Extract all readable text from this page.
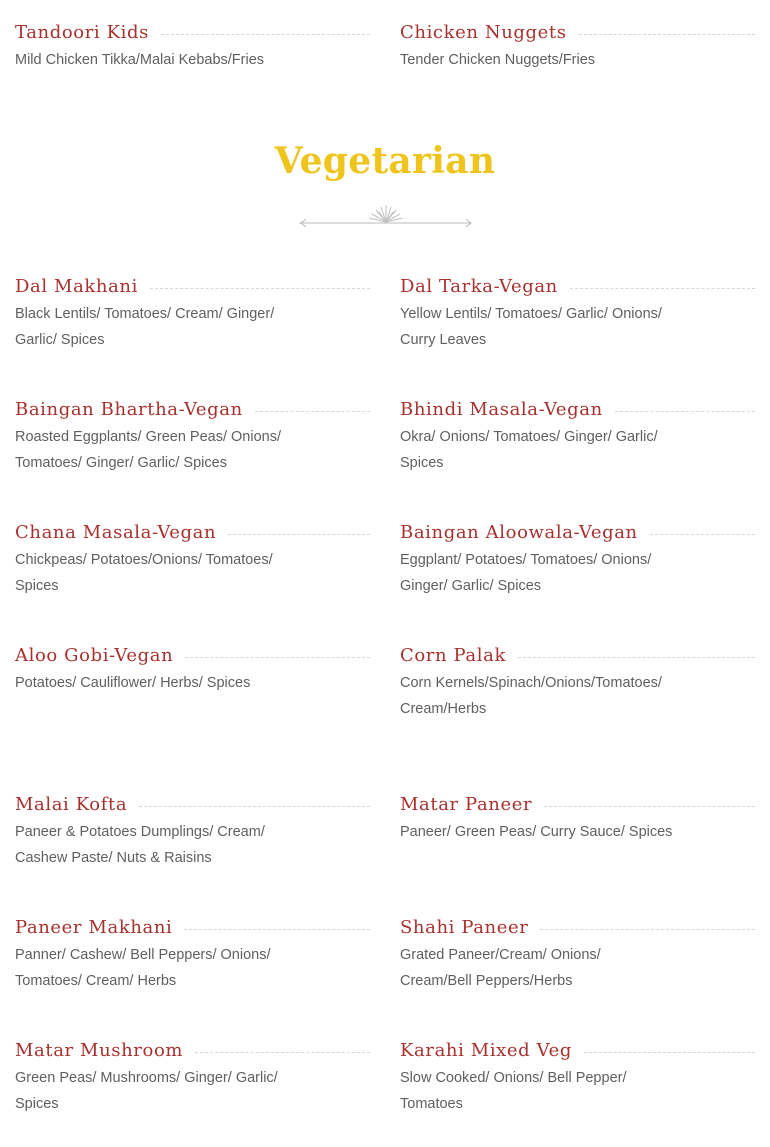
Tandoori Kids
Mild Chicken Tikka/Malai Kebabs/Fries
Chicken Nuggets
Tender Chicken Nuggets/Fries
Vegetarian
Dal Makhani
Black Lentils/ Tomatoes/ Cream/ Ginger/ Garlic/ Spices
Dal Tarka-Vegan
Yellow Lentils/ Tomatoes/ Garlic/ Onions/ Curry Leaves
Baingan Bhartha-Vegan
Roasted Eggplants/ Green Peas/ Onions/ Tomatoes/ Ginger/ Garlic/ Spices
Bhindi Masala-Vegan
Okra/ Onions/ Tomatoes/ Ginger/ Garlic/ Spices
Chana Masala-Vegan
Chickpeas/ Potatoes/Onions/ Tomatoes/ Spices
Baingan Aloowala-Vegan
Eggplant/ Potatoes/ Tomatoes/ Onions/ Ginger/ Garlic/ Spices
Aloo Gobi-Vegan
Potatoes/ Cauliflower/ Herbs/ Spices
Corn Palak
Corn Kernels/Spinach/Onions/Tomatoes/Cream/Herbs
Malai Kofta
Paneer & Potatoes Dumplings/ Cream/ Cashew Paste/ Nuts & Raisins
Matar Paneer
Paneer/ Green Peas/ Curry Sauce/ Spices
Paneer Makhani
Panner/ Cashew/ Bell Peppers/ Onions/ Tomatoes/ Cream/ Herbs
Shahi Paneer
Grated Paneer/Cream/ Onions/ Cream/Bell Peppers/Herbs
Matar Mushroom
Green Peas/ Mushrooms/ Ginger/ Garlic/ Spices
Karahi Mixed Veg
Slow Cooked/ Onions/ Bell Pepper/ Tomatoes
